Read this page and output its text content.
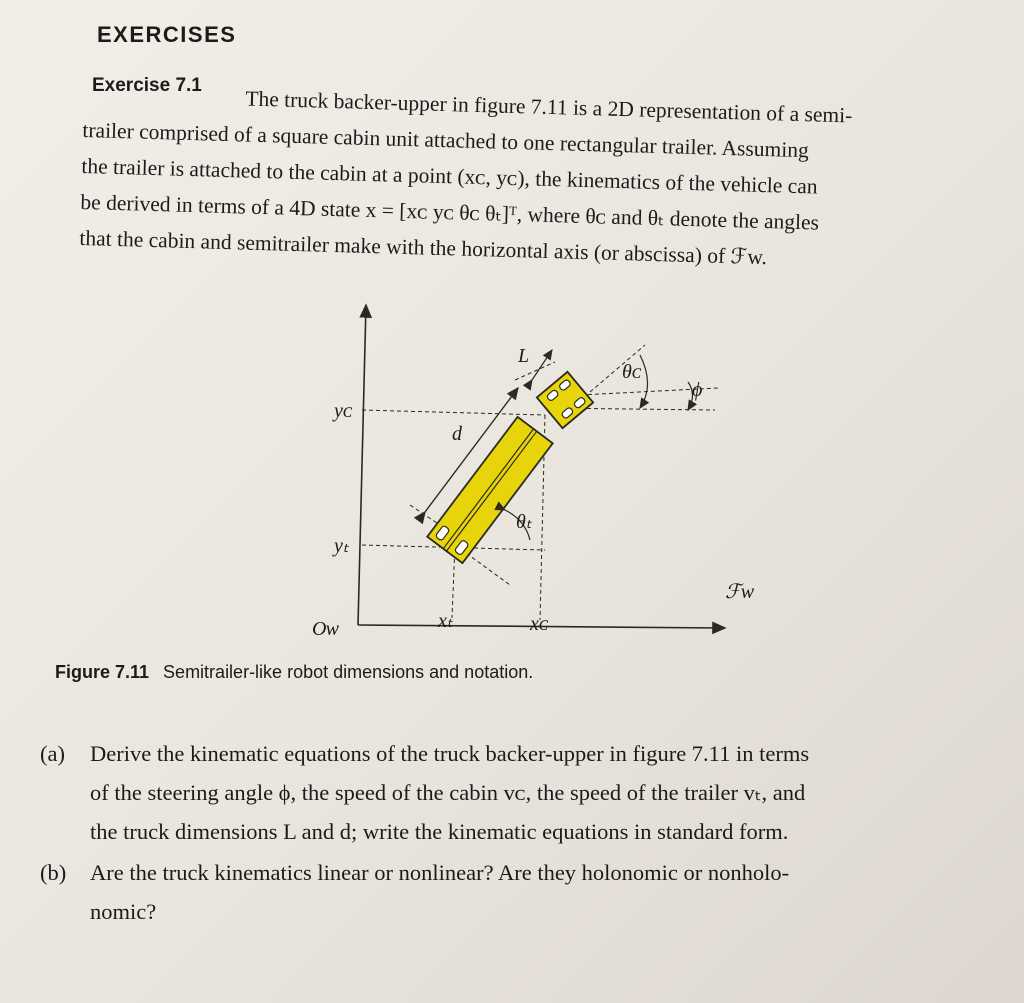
EXERCISES

The truck backer-upper in figure 7.11 is a 2D representation of a semi-

trailer comprised of a square cabin unit attached to one rectangular trailer. Assuming

the trailer is attached to the cabin at a point (xᴄ, yᴄ), the kinematics of the vehicle can

be derived in terms of a 4D state x = [xᴄ yᴄ θᴄ θₜ]ᵀ, where θᴄ and θₜ denote the angles

that the cabin and semitrailer make with the horizontal axis (or abscissa) of ℱw.

Exercise 7.1
yᴄ
yₜ
Oᴡ	xₜ	xᴄ
ℱw
L
d
θᴄ
ϕ
θₜ
Figure 7.11 Semitrailer-like robot dimensions and notation.
(a) Derive the kinematic equations of the truck backer-upper in figure 7.11 in terms
of the steering angle ϕ, the speed of the cabin vᴄ, the speed of the trailer vₜ, and
the truck dimensions L and d; write the kinematic equations in standard form.
(b) Are the truck kinematics linear or nonlinear? Are they holonomic or nonholo-
nomic?
